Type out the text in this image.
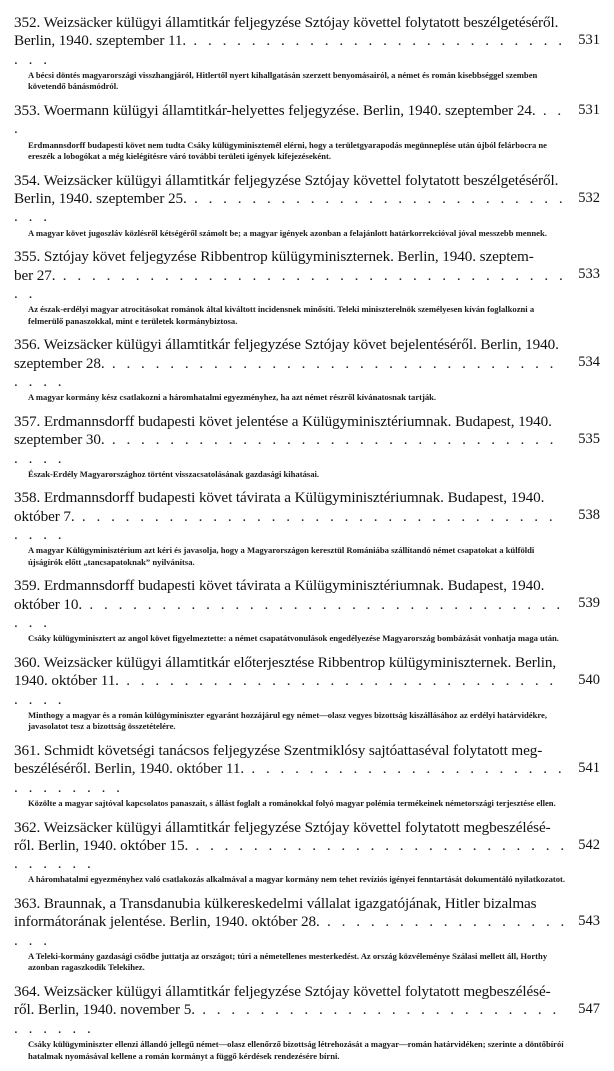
352. Weizsäcker külügyi államtitkár feljegyzése Sztójay követtel folytatott beszélgetéséről.
Berlin, 1940. szeptember 11. . . . . . . . . . . . . . . . . . . . . . . . . . . . . .
531
A bécsi döntés magyarországi visszhangjáról, Hitlertől nyert kihallgatásán szerzett benyomásairól, a német és román kisebbséggel szemben követendő bánásmódról.
353. Woermann külügyi államtitkár-helyettes feljegyzése. Berlin, 1940. szeptember 24. . . .
531
Erdmannsdorff budapesti követ nem tudta Csáky külügyminisztemél elérni, hogy a területgyarapodás megünneplése után újból felárbocra ne ereszék a lobogókat a még kielégítésre váró további területi igények kifejezéseként.
354. Weizsäcker külügyi államtitkár feljegyzése Sztójay követtel folytatott beszélgetéséről.
Berlin, 1940. szeptember 25. . . . . . . . . . . . . . . . . . . . . . . . . . . . . .
532
A magyar követ jugoszláv közlésről kétségéről számolt be; a magyar igények azonban a felajánlott határkorrekcióval jóval messzebb mennek.
355. Sztójay követ feljegyzése Ribbentrop külügyminiszternek. Berlin, 1940. szeptem-
ber 27. . . . . . . . . . . . . . . . . . . . . . . . . . . . . . . . . . . . . .
533
Az észak-erdélyi magyar atrocitásokat románok által kiváltott incidensnek minősíti. Teleki miniszterelnök személyesen kíván foglalkozni a felmerülő panaszokkal, mint e területek kormánybiztosa.
356. Weizsäcker külügyi államtitkár feljegyzése Sztójay követ bejelentéséről. Berlin, 1940.
szeptember 28. . . . . . . . . . . . . . . . . . . . . . . . . . . . . . . . . . . .
534
A magyar kormány kész csatlakozni a háromhatalmi egyezményhez, ha azt német részről kívánatosnak tartják.
357. Erdmannsdorff budapesti követ jelentése a Külügyminisztériumnak. Budapest, 1940.
szeptember 30. . . . . . . . . . . . . . . . . . . . . . . . . . . . . . . . . . . .
535
Észak-Erdély Magyarországhoz történt visszacsatolásának gazdasági kihatásai.
358. Erdmannsdorff budapesti követ távirata a Külügyminisztériumnak. Budapest, 1940.
október 7. . . . . . . . . . . . . . . . . . . . . . . . . . . . . . . . . . . . . .
538
A magyar Külügyminisztérium azt kéri és javasolja, hogy a Magyarországon keresztül Romániába szállítandó német csapatokat a külföldi újságírók előtt „tancsapatoknak” nyilvánítsa.
359. Erdmannsdorff budapesti követ távirata a Külügyminisztériumnak. Budapest, 1940.
október 10. . . . . . . . . . . . . . . . . . . . . . . . . . . . . . . . . . . . .
539
Csáky külügyminisztert az angol követ figyelmeztette: a német csapatátvonulások engedélyezése Magyarország bombázását vonhatja maga után.
360. Weizsäcker külügyi államtitkár előterjesztése Ribbentrop külügyminiszternek. Berlin,
1940. október 11. . . . . . . . . . . . . . . . . . . . . . . . . . . . . . . . . . .
540
Minthogy a magyar és a román külügyminiszter egyaránt hozzájárul egy német—olasz vegyes bizottság kiszállásához az erdélyi határvidékre, javasolatot tesz a bizottság összetételére.
361. Schmidt követségi tanácsos feljegyzése Szentmiklósy sajtóattaséval folytatott meg-
beszéléséről. Berlin, 1940. október 11. . . . . . . . . . . . . . . . . . . . . . . . . . . . . . .
541
Közölte a magyar sajtóval kapcsolatos panaszait, s állást foglalt a románokkal folyó magyar polémia termékeinek németországi terjesztése ellen.
362. Weizsäcker külügyi államtitkár feljegyzése Sztójay követtel folytatott megbeszélésé-
ről. Berlin, 1940. október 15. . . . . . . . . . . . . . . . . . . . . . . . . . . . . . . . .
542
A háromhatalmi egyezményhez való csatlakozás alkalmával a magyar kormány nem tehet revíziós igényei fenntartását dokumentáló nyilatkozatot.
363. Braunnak, a Transdanubia külkereskedelmi vállalat igazgatójának, Hitler bizalmas
informátorának jelentése. Berlin, 1940. október 28. . . . . . . . . . . . . . . . . . . . .
543
A Teleki-kormány gazdasági csődbe juttatja az országot; túri a németellenes mesterkedést. Az ország közvéleménye Szálasi mellett áll, Horthy azonban ragaszkodik Telekihez.
364. Weizsäcker külügyi államtitkár feljegyzése Sztójay követtel folytatott megbeszélésé-
ről. Berlin, 1940. november 5. . . . . . . . . . . . . . . . . . . . . . . . . . . . . . . .
547
Csáky külügyminiszter ellenzi állandó jellegű német—olasz ellenőrző bizottság létrehozását a magyar—román határvidéken; szerinte a döntőbíróí hatalmak nyomásával kellene a román kormányt a függő kérdések rendezésére bírni.
